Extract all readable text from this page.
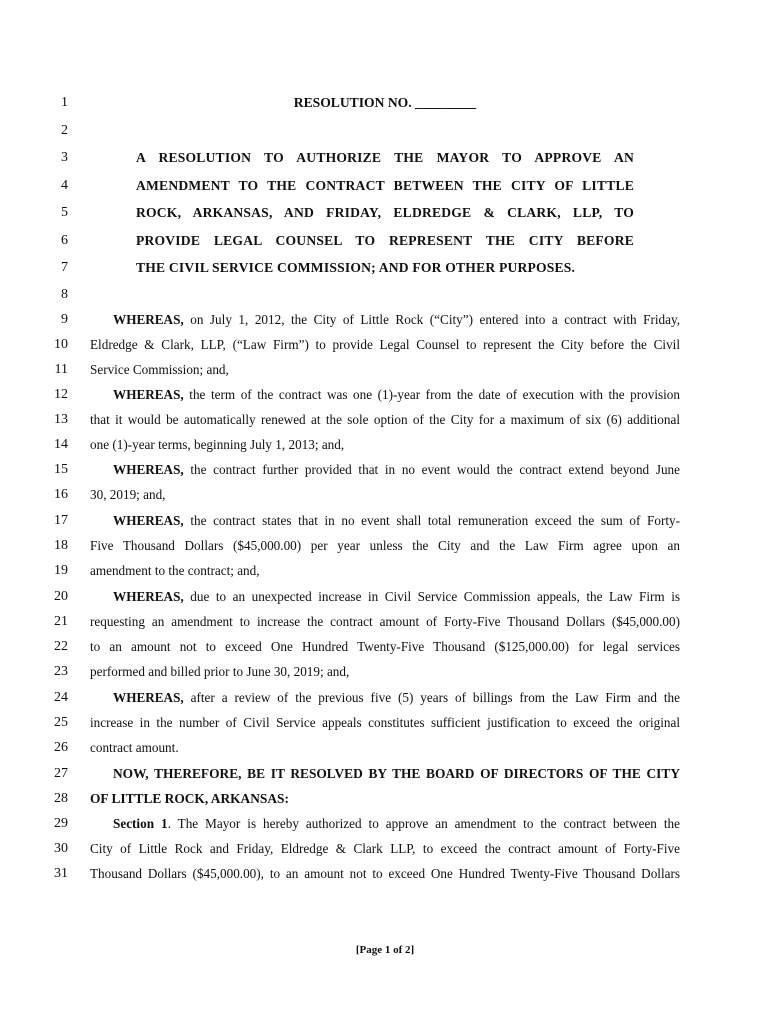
1	RESOLUTION NO. _________
2
3	A RESOLUTION TO AUTHORIZE THE MAYOR TO APPROVE AN
4	AMENDMENT TO THE CONTRACT BETWEEN THE CITY OF LITTLE
5	ROCK, ARKANSAS, AND FRIDAY, ELDREDGE & CLARK, LLP, TO
6	PROVIDE LEGAL COUNSEL TO REPRESENT THE CITY BEFORE
7	THE CIVIL SERVICE COMMISSION; AND FOR OTHER PURPOSES.
8
9	WHEREAS, on July 1, 2012, the City of Little Rock (“City”) entered into a contract with Friday,
10 Eldredge & Clark, LLP, (“Law Firm”) to provide Legal Counsel to represent the City before the Civil
11 Service Commission; and,
12	WHEREAS, the term of the contract was one (1)-year from the date of execution with the provision
13 that it would be automatically renewed at the sole option of the City for a maximum of six (6) additional
14 one (1)-year terms, beginning July 1, 2013; and,
15	WHEREAS, the contract further provided that in no event would the contract extend beyond June
16 30, 2019; and,
17	WHEREAS, the contract states that in no event shall total remuneration exceed the sum of Forty-
18 Five Thousand Dollars ($45,000.00) per year unless the City and the Law Firm agree upon an
19 amendment to the contract; and,
20	WHEREAS, due to an unexpected increase in Civil Service Commission appeals, the Law Firm is
21 requesting an amendment to increase the contract amount of Forty-Five Thousand Dollars ($45,000.00)
22 to an amount not to exceed One Hundred Twenty-Five Thousand ($125,000.00) for legal services
23 performed and billed prior to June 30, 2019; and,
24	WHEREAS, after a review of the previous five (5) years of billings from the Law Firm and the
25 increase in the number of Civil Service appeals constitutes sufficient justification to exceed the original
26 contract amount.
27	NOW, THEREFORE, BE IT RESOLVED BY THE BOARD OF DIRECTORS OF THE CITY
28 OF LITTLE ROCK, ARKANSAS:
29	Section 1. The Mayor is hereby authorized to approve an amendment to the contract between the
30 City of Little Rock and Friday, Eldredge & Clark LLP, to exceed the contract amount of Forty-Five
31 Thousand Dollars ($45,000.00), to an amount not to exceed One Hundred Twenty-Five Thousand Dollars
[Page 1 of 2]
